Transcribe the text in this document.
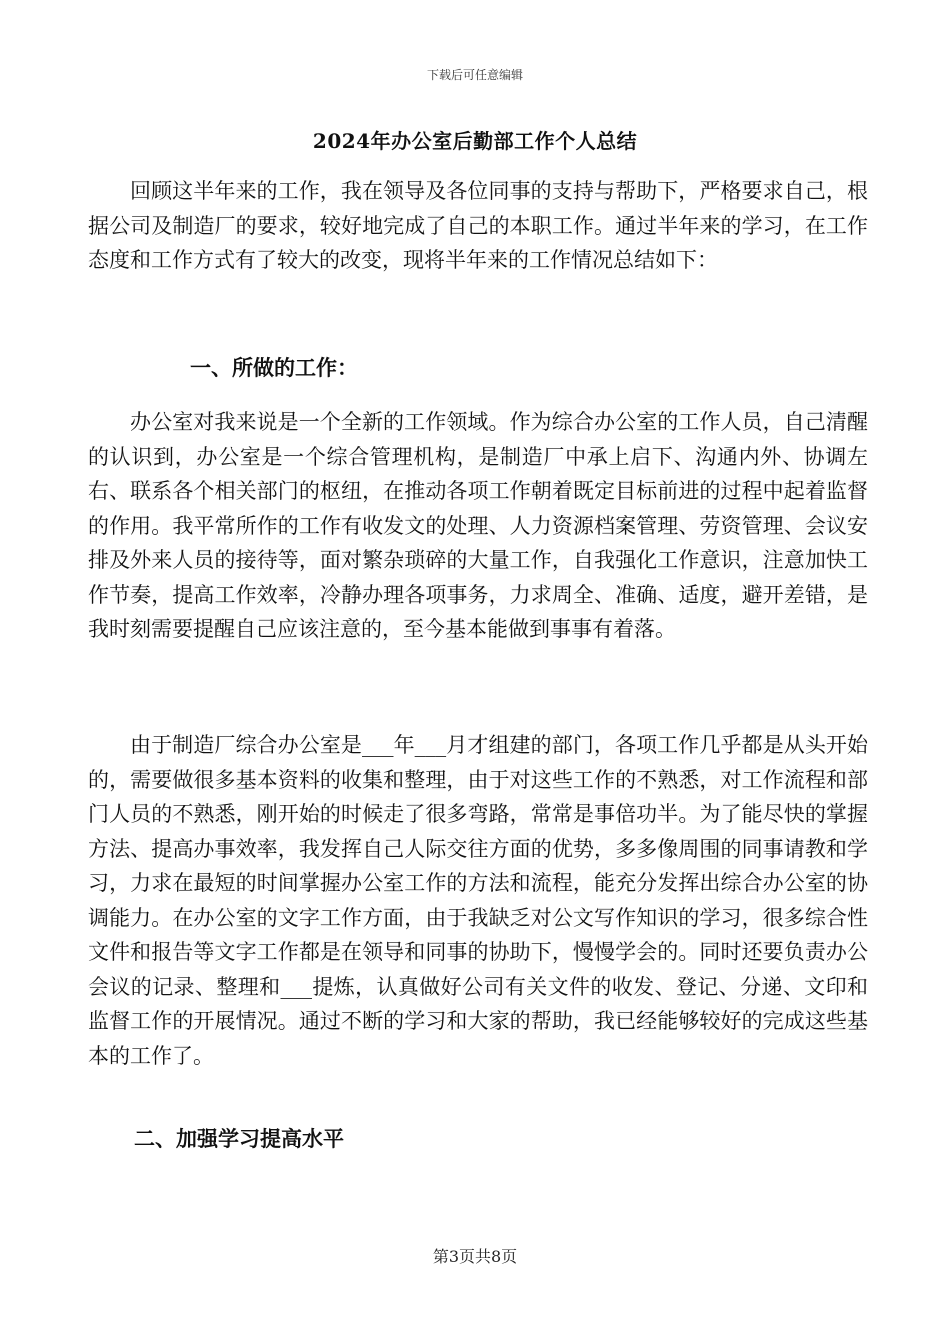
下载后可任意编辑
2024年办公室后勤部工作个人总结

回顾这半年来的工作，我在领导及各位同事的支持与帮助下，严格要求自己，根据公司及制造厂的要求，较好地完成了自己的本职工作。通过半年来的学习，在工作态度和工作方式有了较大的改变，现将半年来的工作情况总结如下：

一、所做的工作：

办公室对我来说是一个全新的工作领域。作为综合办公室的工作人员，自己清醒的认识到，办公室是一个综合管理机构，是制造厂中承上启下、沟通内外、协调左右、联系各个相关部门的枢纽，在推动各项工作朝着既定目标前进的过程中起着监督的作用。我平常所作的工作有收发文的处理、人力资源档案管理、劳资管理、会议安排及外来人员的接待等，面对繁杂琐碎的大量工作，自我强化工作意识，注意加快工作节奏，提高工作效率，冷静办理各项事务，力求周全、准确、适度，避开差错，是我时刻需要提醒自己应该注意的，至今基本能做到事事有着落。

由于制造厂综合办公室是___年___月才组建的部门，各项工作几乎都是从头开始的，需要做很多基本资料的收集和整理，由于对这些工作的不熟悉，对工作流程和部门人员的不熟悉，刚开始的时候走了很多弯路，常常是事倍功半。为了能尽快的掌握方法、提高办事效率，我发挥自己人际交往方面的优势，多多像周围的同事请教和学习，力求在最短的时间掌握办公室工作的方法和流程，能充分发挥出综合办公室的协调能力。在办公室的文字工作方面，由于我缺乏对公文写作知识的学习，很多综合性文件和报告等文字工作都是在领导和同事的协助下，慢慢学会的。同时还要负责办公会议的记录、整理和___提炼，认真做好公司有关文件的收发、登记、分递、文印和监督工作的开展情况。通过不断的学习和大家的帮助，我已经能够较好的完成这些基本的工作了。

二、加强学习提高水平

第3页共8页
